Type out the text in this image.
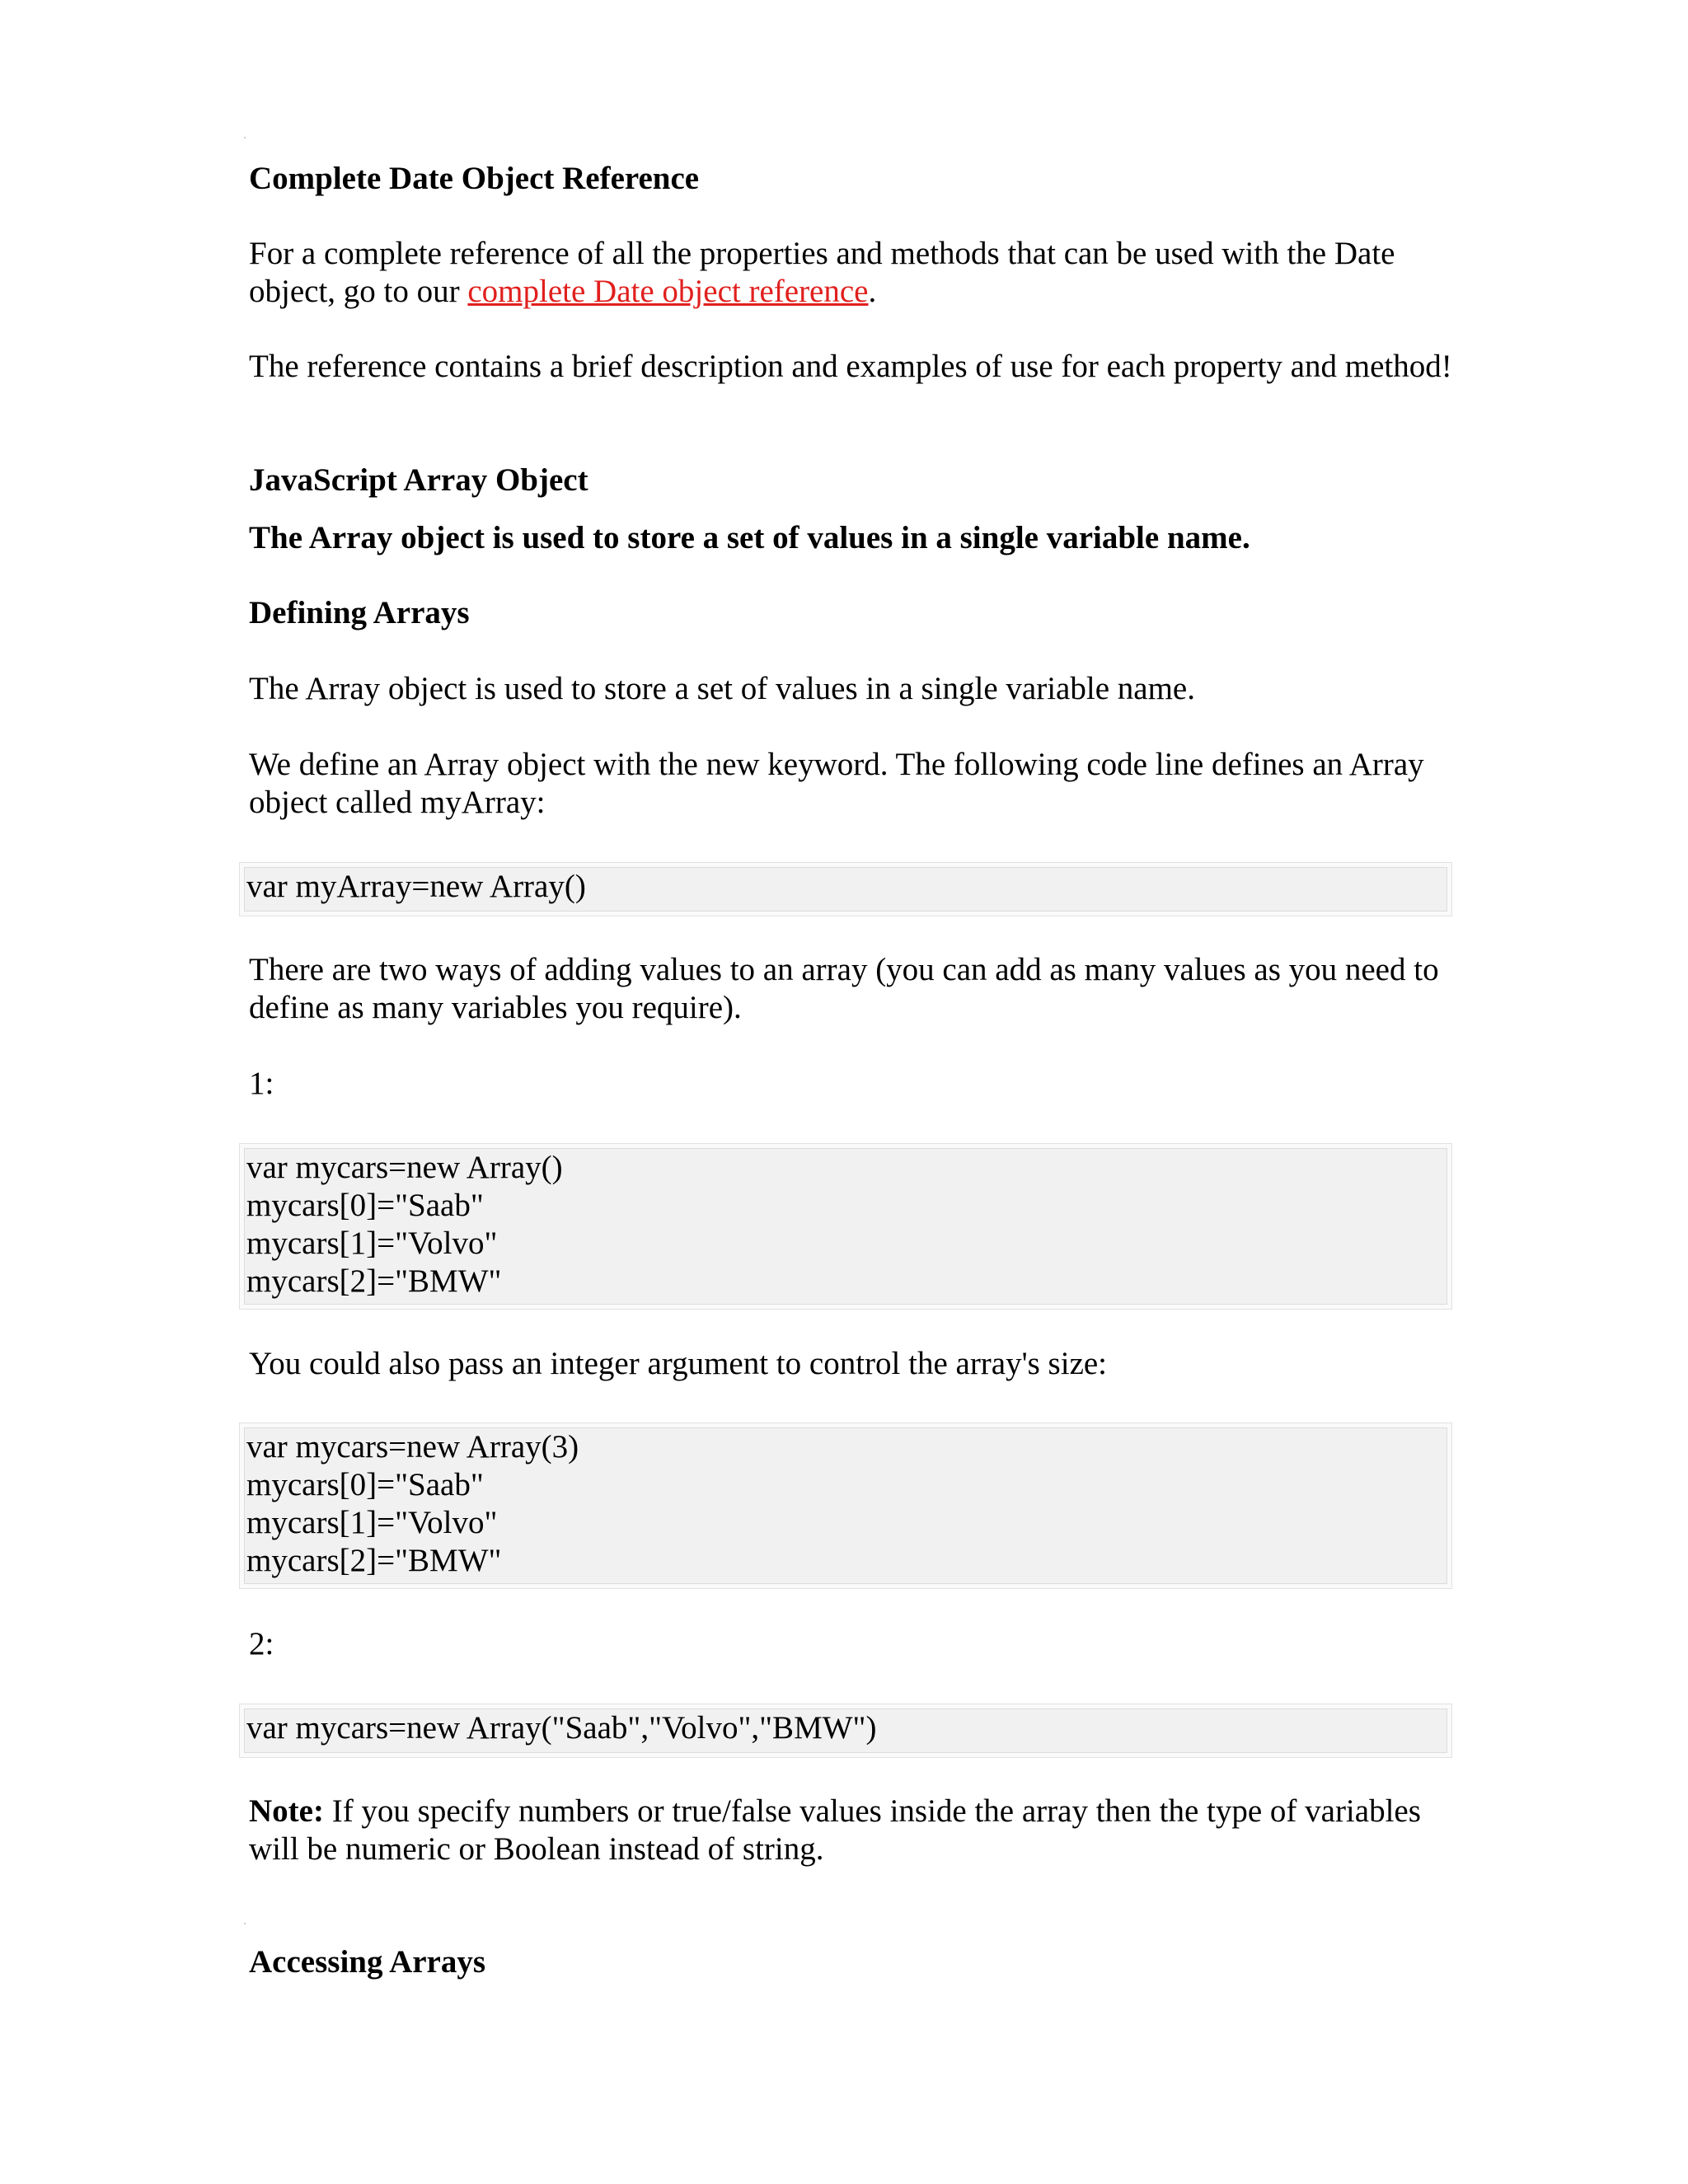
Complete Date Object Reference

For a complete reference of all the properties and methods that can be used with the Date object, go to our complete Date object reference.

The reference contains a brief description and examples of use for each property and method!

JavaScript Array Object

The Array object is used to store a set of values in a single variable name.

Defining Arrays

The Array object is used to store a set of values in a single variable name.

We define an Array object with the new keyword. The following code line defines an Array object called myArray:

var myArray=new Array()

There are two ways of adding values to an array (you can add as many values as you need to define as many variables you require).

1:

var mycars=new Array()
mycars[0]="Saab"
mycars[1]="Volvo"
mycars[2]="BMW"

You could also pass an integer argument to control the array's size:

var mycars=new Array(3)
mycars[0]="Saab"
mycars[1]="Volvo"
mycars[2]="BMW"

2:

var mycars=new Array("Saab","Volvo","BMW")

Note: If you specify numbers or true/false values inside the array then the type of variables will be numeric or Boolean instead of string.

Accessing Arrays
